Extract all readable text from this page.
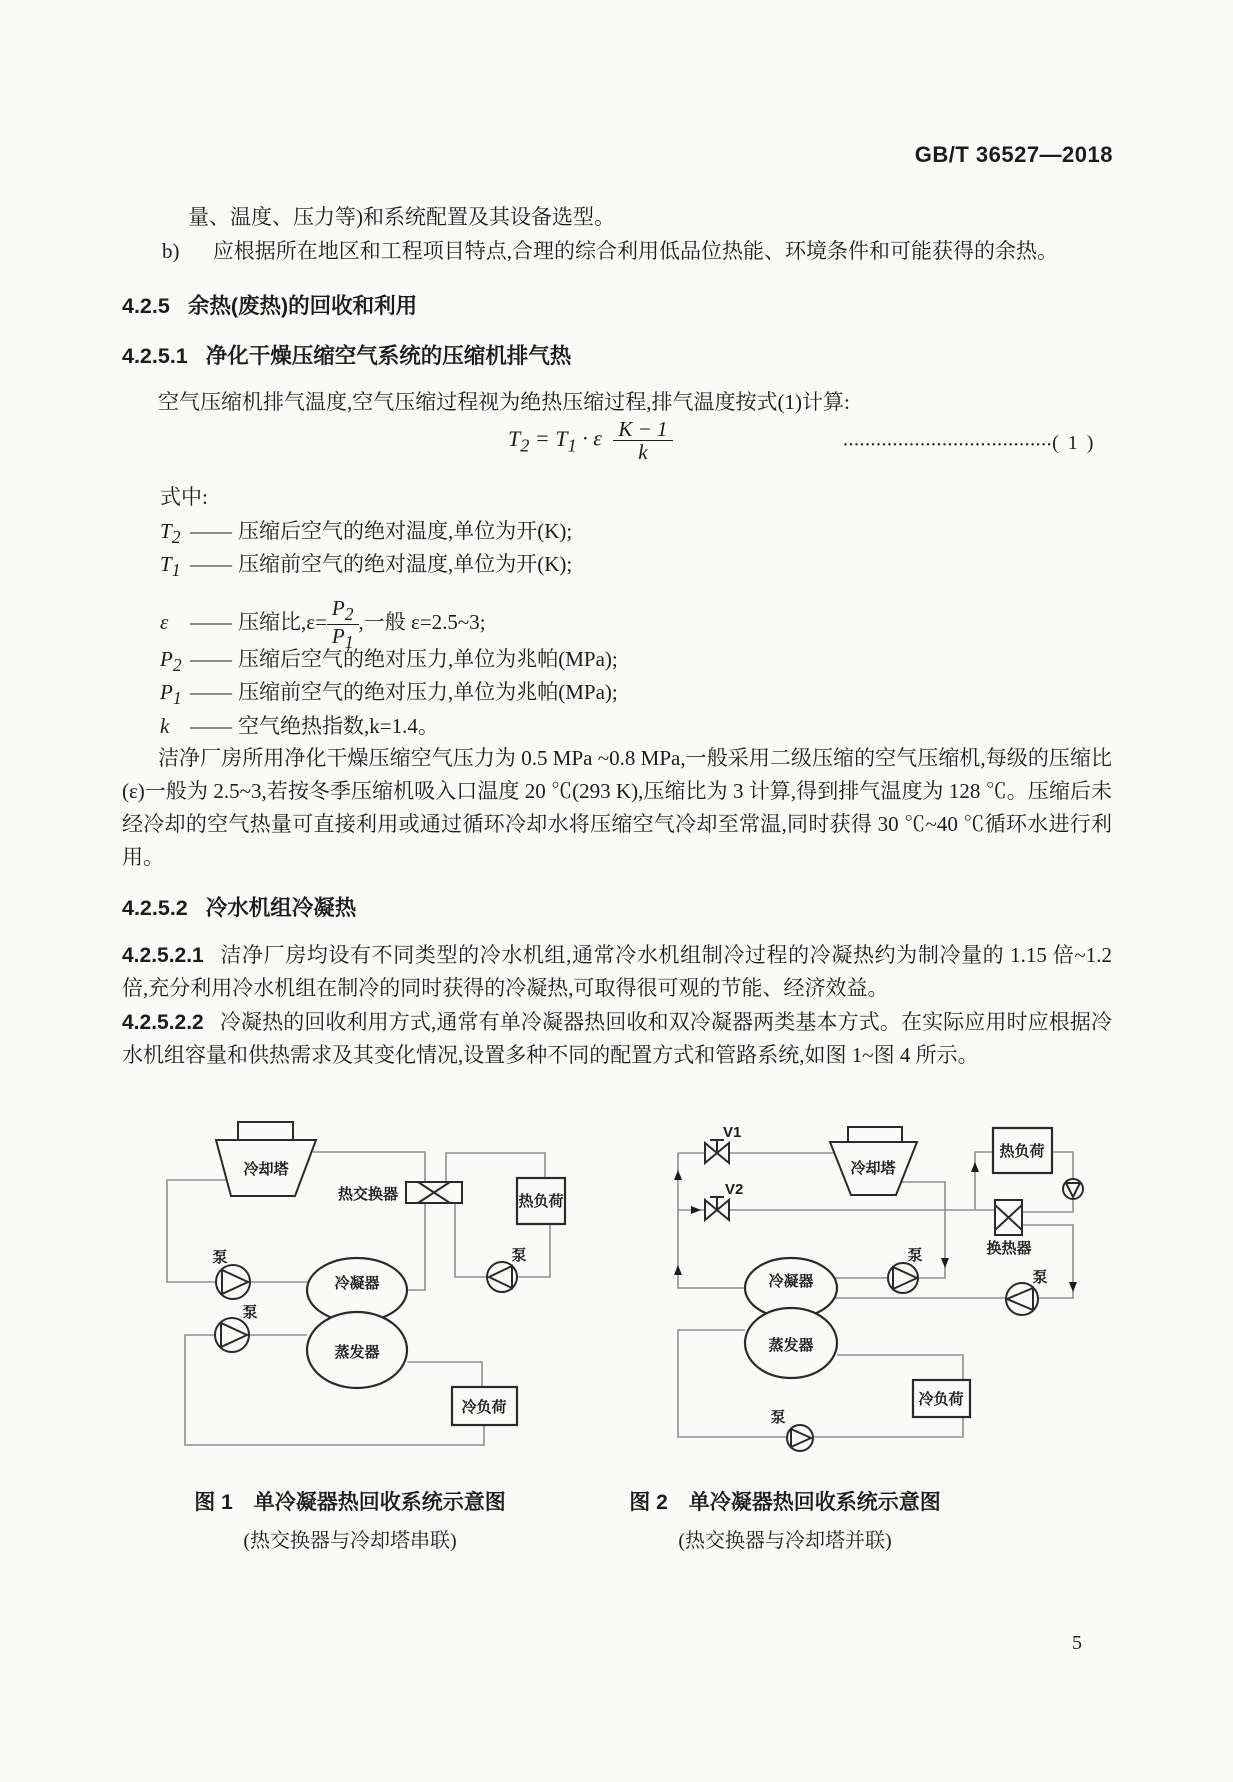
GB/T 36527—2018
量、温度、压力等)和系统配置及其设备选型。
b) 应根据所在地区和工程项目特点,合理的综合利用低品位热能、环境条件和可能获得的余热。
4.2.5 余热(废热)的回收和利用
4.2.5.1 净化干燥压缩空气系统的压缩机排气热
空气压缩机排气温度,空气压缩过程视为绝热压缩过程,排气温度按式(1)计算:
$T_2 = T_1 \cdot \varepsilon \frac{K - 1}{k}$	······································( 1 )
式中:
$T_2$ —— 压缩后空气的绝对温度,单位为开(K);
$T_1$ —— 压缩前空气的绝对温度,单位为开(K);
ε —— 压缩比$,\varepsilon= \frac{P_2}{P_1}$ ,一般 ε=2.5~3;
$P_2$ —— 压缩后空气的绝对压力,单位为兆帕(MPa);
$P_1$ —— 压缩前空气的绝对压力,单位为兆帕(MPa);
k —— 空气绝热指数,k=1.4。
洁净厂房所用净化干燥压缩空气压力为 0.5 MPa ~0.8 MPa,一般采用二级压缩的空气压缩机,每级的压缩比(ε)一般为 2.5~3,若按冬季压缩机吸入口温度 20 ℃(293 K),压缩比为 3 计算,得到排气温度为 128 ℃。压缩后未经冷却的空气热量可直接利用或通过循环冷却水将压缩空气冷却至常温,同时获得 30 ℃~40 ℃循环水进行利用。
4.2.5.2 冷水机组冷凝热
4.2.5.2.1 洁净厂房均设有不同类型的冷水机组,通常冷水机组制冷过程的冷凝热约为制冷量的 1.15 倍~1.2 倍,充分利用冷水机组在制冷的同时获得的冷凝热,可取得很可观的节能、经济效益。
4.2.5.2.2 冷凝热的回收利用方式,通常有单冷凝器热回收和双冷凝器两类基本方式。在实际应用时应根据冷水机组容量和供热需求及其变化情况,设置多种不同的配置方式和管路系统,如图 1~图 4 所示。
冷却塔
热交换器	热负荷
冷凝器
蒸发器
泵
泵
泵
冷负荷
V1
V2
冷却塔
热负荷
换热器
冷凝器
蒸发器
泵
泵
冷负荷
泵
图 1　单冷凝器热回收系统示意图
(热交换器与冷却塔串联)
图 2　单冷凝器热回收系统示意图
(热交换器与冷却塔并联)
5
